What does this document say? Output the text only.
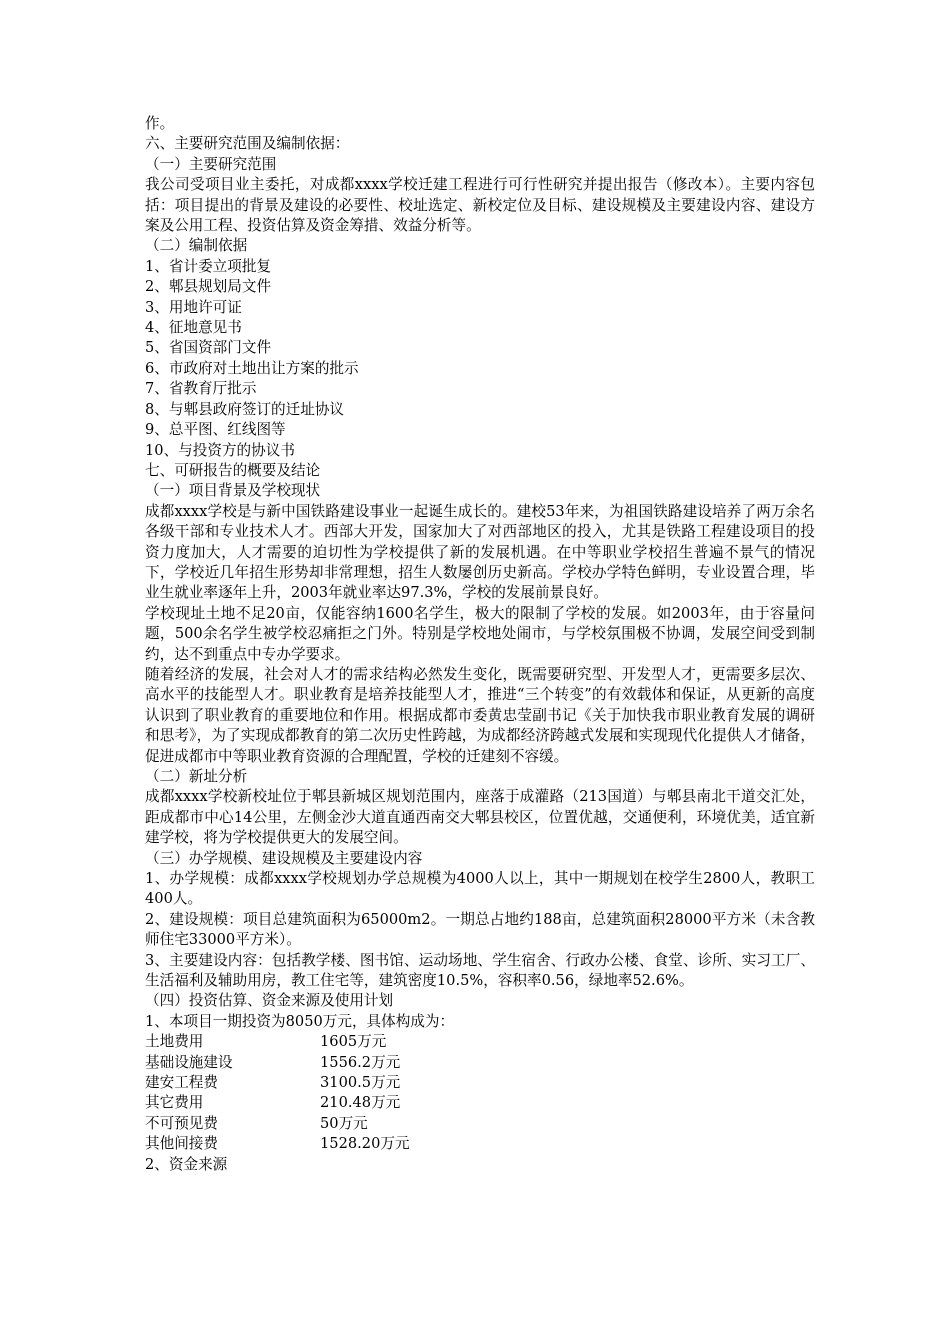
作。
六、主要研究范围及编制依据：
（一）主要研究范围
我公司受项目业主委托，对成都xxxx学校迁建工程进行可行性研究并提出报告（修改本）。主要内容包括：项目提出的背景及建设的必要性、校址选定、新校定位及目标、建设规模及主要建设内容、建设方案及公用工程、投资估算及资金筹措、效益分析等。
（二）编制依据
1、省计委立项批复
2、郫县规划局文件
3、用地许可证
4、征地意见书
5、省国资部门文件
6、市政府对土地出让方案的批示
7、省教育厅批示
8、与郫县政府签订的迁址协议
9、总平图、红线图等
10、与投资方的协议书
七、可研报告的概要及结论
（一）项目背景及学校现状
成都xxxx学校是与新中国铁路建设事业一起诞生成长的。建校53年来，为祖国铁路建设培养了两万余名各级干部和专业技术人才。西部大开发，国家加大了对西部地区的投入，尤其是铁路工程建设项目的投资力度加大，人才需要的迫切性为学校提供了新的发展机遇。在中等职业学校招生普遍不景气的情况下，学校近几年招生形势却非常理想，招生人数屡创历史新高。学校办学特色鲜明，专业设置合理，毕业生就业率逐年上升，2003年就业率达97.3%，学校的发展前景良好。
学校现址土地不足20亩，仅能容纳1600名学生，极大的限制了学校的发展。如2003年，由于容量问题，500余名学生被学校忍痛拒之门外。特别是学校地处闹市，与学校氛围极不协调，发展空间受到制约，达不到重点中专办学要求。
随着经济的发展，社会对人才的需求结构必然发生变化，既需要研究型、开发型人才，更需要多层次、高水平的技能型人才。职业教育是培养技能型人才，推进“三个转变”的有效载体和保证，从更新的高度认识到了职业教育的重要地位和作用。根据成都市委黄忠莹副书记《关于加快我市职业教育发展的调研和思考》，为了实现成都教育的第二次历史性跨越，为成都经济跨越式发展和实现现代化提供人才储备，促进成都市中等职业教育资源的合理配置，学校的迁建刻不容缓。
（二）新址分析
成都xxxx学校新校址位于郫县新城区规划范围内，座落于成灌路（213国道）与郫县南北干道交汇处，距成都市中心14公里，左侧金沙大道直通西南交大郫县校区，位置优越，交通便利，环境优美，适宜新建学校，将为学校提供更大的发展空间。
（三）办学规模、建设规模及主要建设内容
1、办学规模：成都xxxx学校规划办学总规模为4000人以上，其中一期规划在校学生2800人，教职工400人。
2、建设规模：项目总建筑面积为65000m2。一期总占地约188亩，总建筑面积28000平方米（未含教师住宅33000平方米）。
3、主要建设内容：包括教学楼、图书馆、运动场地、学生宿舍、行政办公楼、食堂、诊所、实习工厂、生活福利及辅助用房，教工住宅等，建筑密度10.5%，容积率0.56，绿地率52.6%。
（四）投资估算、资金来源及使用计划
1、本项目一期投资为8050万元，具体构成为：
土地费用	1605万元
基础设施建设	1556.2万元
建安工程费	3100.5万元
其它费用	210.48万元
不可预见费	50万元
其他间接费	1528.20万元
2、资金来源
